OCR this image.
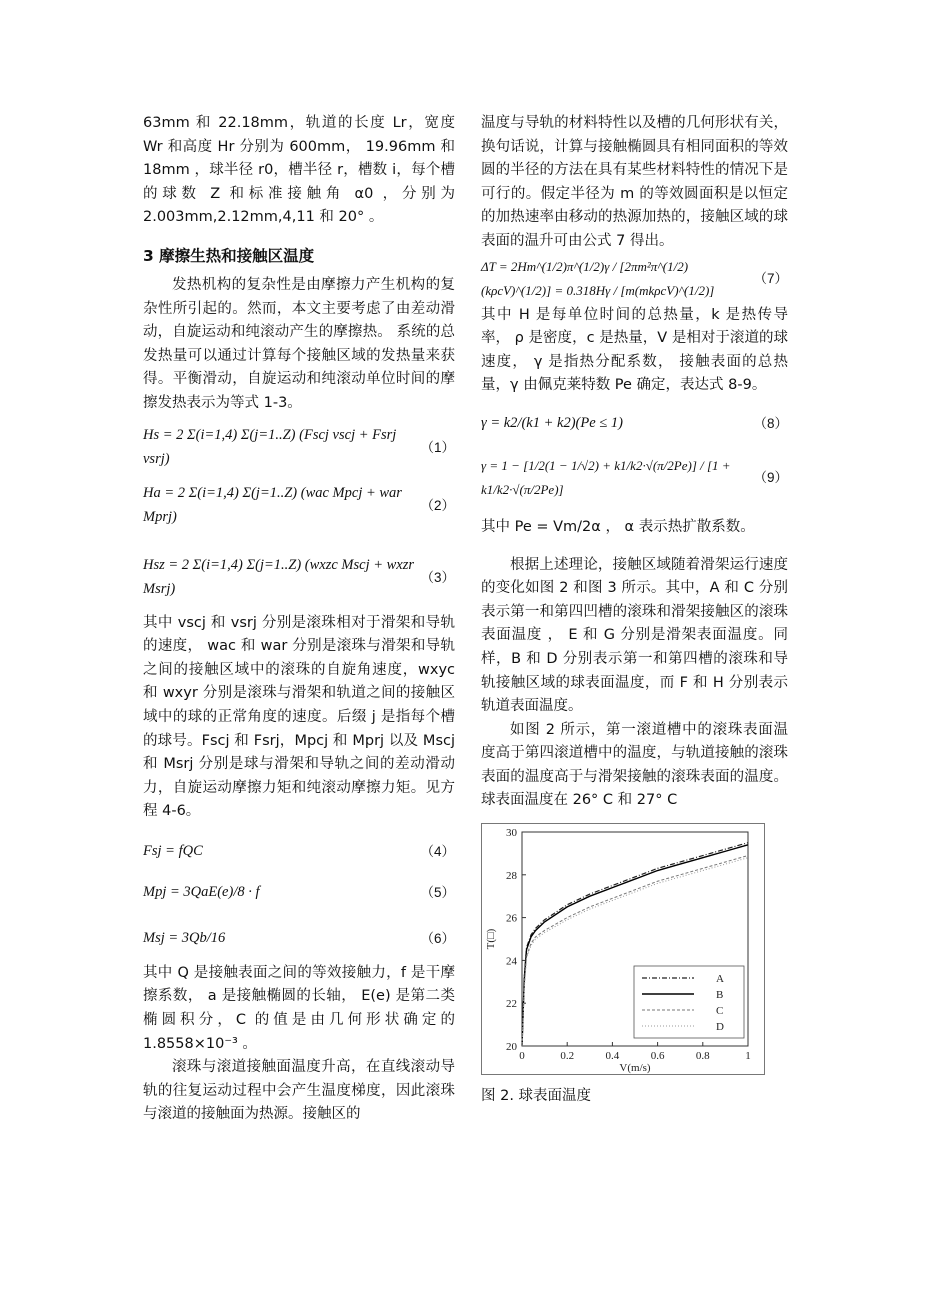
63mm 和 22.18mm，轨道的长度 Lr，宽度 Wr 和高度 Hr 分别为 600mm， 19.96mm 和 18mm ，球半径 r0，槽半径 r，槽数 i，每个槽的球数 Z 和标准接触角 α0 ，分别为 2.003mm,2.12mm,4,11 和 20° 。

3 摩擦生热和接触区温度

发热机构的复杂性是由摩擦力产生机构的复杂性所引起的。然而，本文主要考虑了由差动滑动，自旋运动和纯滚动产生的摩擦热。 系统的总发热量可以通过计算每个接触区域的发热量来获得。平衡滑动，自旋运动和纯滚动单位时间的摩擦发热表示为等式 1-3。

Hs = 2 Σ(i=1,4) Σ(j=1..Z) (Fscj vscj + Fsrj vsrj)
（1）
Ha = 2 Σ(i=1,4) Σ(j=1..Z) (wac Mpcj + war Mprj)
（2）
Hsz = 2 Σ(i=1,4) Σ(j=1..Z) (wxzc Mscj + wxzr Msrj)
（3）

其中 vscj 和 vsrj 分别是滚珠相对于滑架和导轨的速度， wac 和 war 分别是滚珠与滑架和导轨之间的接触区域中的滚珠的自旋角速度，wxyc 和 wxyr 分别是滚珠与滑架和轨道之间的接触区域中的球的正常角度的速度。后缀 j 是指每个槽的球号。Fscj 和 Fsrj，Mpcj 和 Mprj 以及 Mscj 和 Msrj 分别是球与滑架和导轨之间的差动滑动力，自旋运动摩擦力矩和纯滚动摩擦力矩。见方程 4-6。

Fsj = fQC	（4）
Mpj = 3QaE(e)/8 · f	（5）
Msj = 3Qb/16	（6）

其中 Q 是接触表面之间的等效接触力，f 是干摩擦系数， a 是接触椭圆的长轴， E(e) 是第二类椭圆积分，C 的值是由几何形状确定的1.8558×10⁻³ 。

滚珠与滚道接触面温度升高，在直线滚动导轨的往复运动过程中会产生温度梯度，因此滚珠与滚道的接触面为热源。接触区的

温度与导轨的材料特性以及槽的几何形状有关，换句话说，计算与接触椭圆具有相同面积的等效圆的半径的方法在具有某些材料特性的情况下是可行的。假定半径为 m 的等效圆面积是以恒定的加热速率由移动的热源加热的，接触区域的球表面的温升可由公式 7 得出。

ΔT = 2Hm^(1/2)π^(1/2)γ / [2πm²π^(1/2)(kρcV)^(1/2)] = 0.318Hγ / [m(mkρcV)^(1/2)]
（7）

其中 H 是每单位时间的总热量，k 是热传导率， ρ 是密度，c 是热量，V 是相对于滚道的球速度， γ 是指热分配系数， 接触表面的总热量，γ 由佩克莱特数 Pe 确定，表达式 8-9。

γ = k2/(k1 + k2)(Pe ≤ 1)	（8）
γ = 1 − [1/2(1 − 1/√2) + k1/k2·√(π/2Pe)] / [1 + k1/k2·√(π/2Pe)]
（9）

其中 Pe = Vm/2α ， α 表示热扩散系数。

根据上述理论，接触区域随着滑架运行速度的变化如图 2 和图 3 所示。其中，A 和 C 分别表示第一和第四凹槽的滚珠和滑架接触区的滚珠表面温度 ， E 和 G 分别是滑架表面温度。同样，B 和 D 分别表示第一和第四槽的滚珠和导轨接触区域的球表面温度，而 F 和 H 分别表示轨道表面温度。

如图 2 所示，第一滚道槽中的滚珠表面温度高于第四滚道槽中的温度，与轨道接触的滚珠表面的温度高于与滑架接触的滚珠表面的温度。球表面温度在 26° C 和 27° C

0	0.2	0.4	0.6	0.8	1
20
22
24
26
28
30
V(m/s)
T(□)
A
B
C
D

图 2. 球表面温度
